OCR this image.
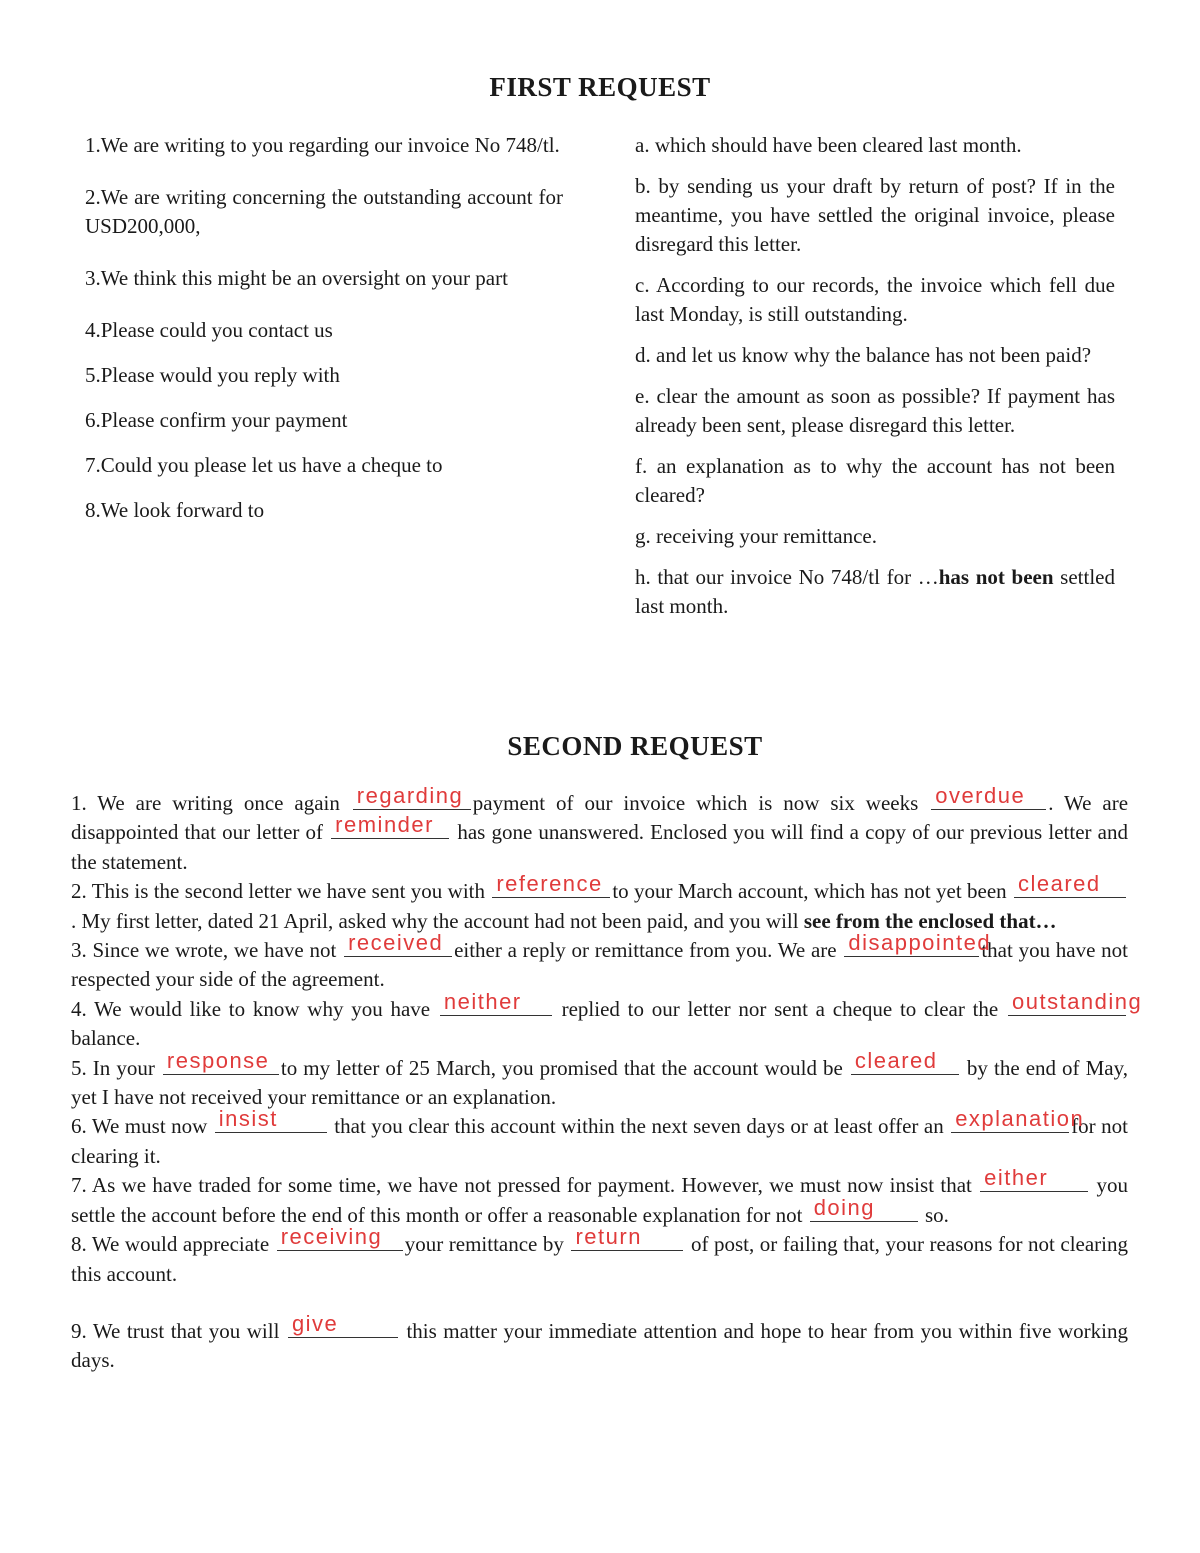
FIRST REQUEST

1.We are writing to you regarding our invoice No 748/tl.

2.We are writing concerning the outstanding account for USD200,000,

3.We think this might be an oversight on your part

4.Please could you contact us

5.Please would you reply with

6.Please confirm your payment

7.Could you please let us have a cheque to

8.We look forward to

a. which should have been cleared last month.

b. by sending us your draft by return of post? If in the meantime, you have settled the original invoice, please disregard this letter.

c. According to our records, the invoice which fell due last Monday, is still outstanding.

d. and let us know why the balance has not been paid?

e. clear the amount as soon as possible? If payment has already been sent, please disregard this letter.

f. an explanation as to why the account has not been cleared?

g. receiving your remittance.

h. that our invoice No 748/tl for …has not been settled last month.

SECOND REQUEST

1. We are writing once again regarding payment of our invoice which is now six weeks overdue . We are disappointed that our letter of reminder has gone unanswered. Enclosed you will find a copy of our previous letter and the statement.

2. This is the second letter we have sent you with reference to your March account, which has not yet been cleared
. My first letter, dated 21 April, asked why the account had not been paid, and you will see from the enclosed that…

3. Since we wrote, we have not received either a reply or remittance from you. We are disappointed
that you have not respected your side of the agreement.

4. We would like to know why you have neither replied to our letter nor sent a cheque to clear the outstanding
balance.

5. In your response to my letter of 25 March, you promised that the account would be cleared by the end of May, yet I have not received your remittance or an explanation.

6. We must now insist that you clear this account within the next seven days or at least offer an explanation
for not clearing it.

7. As we have traded for some time, we have not pressed for payment. However, we must now insist that either you settle the account before the end of this month or offer a reasonable explanation for not doing so.

8. We would appreciate receiving your remittance by return of post, or failing that, your reasons for not clearing this account.

9. We trust that you will give	this matter your immediate attention and hope to hear from you within five working days.
